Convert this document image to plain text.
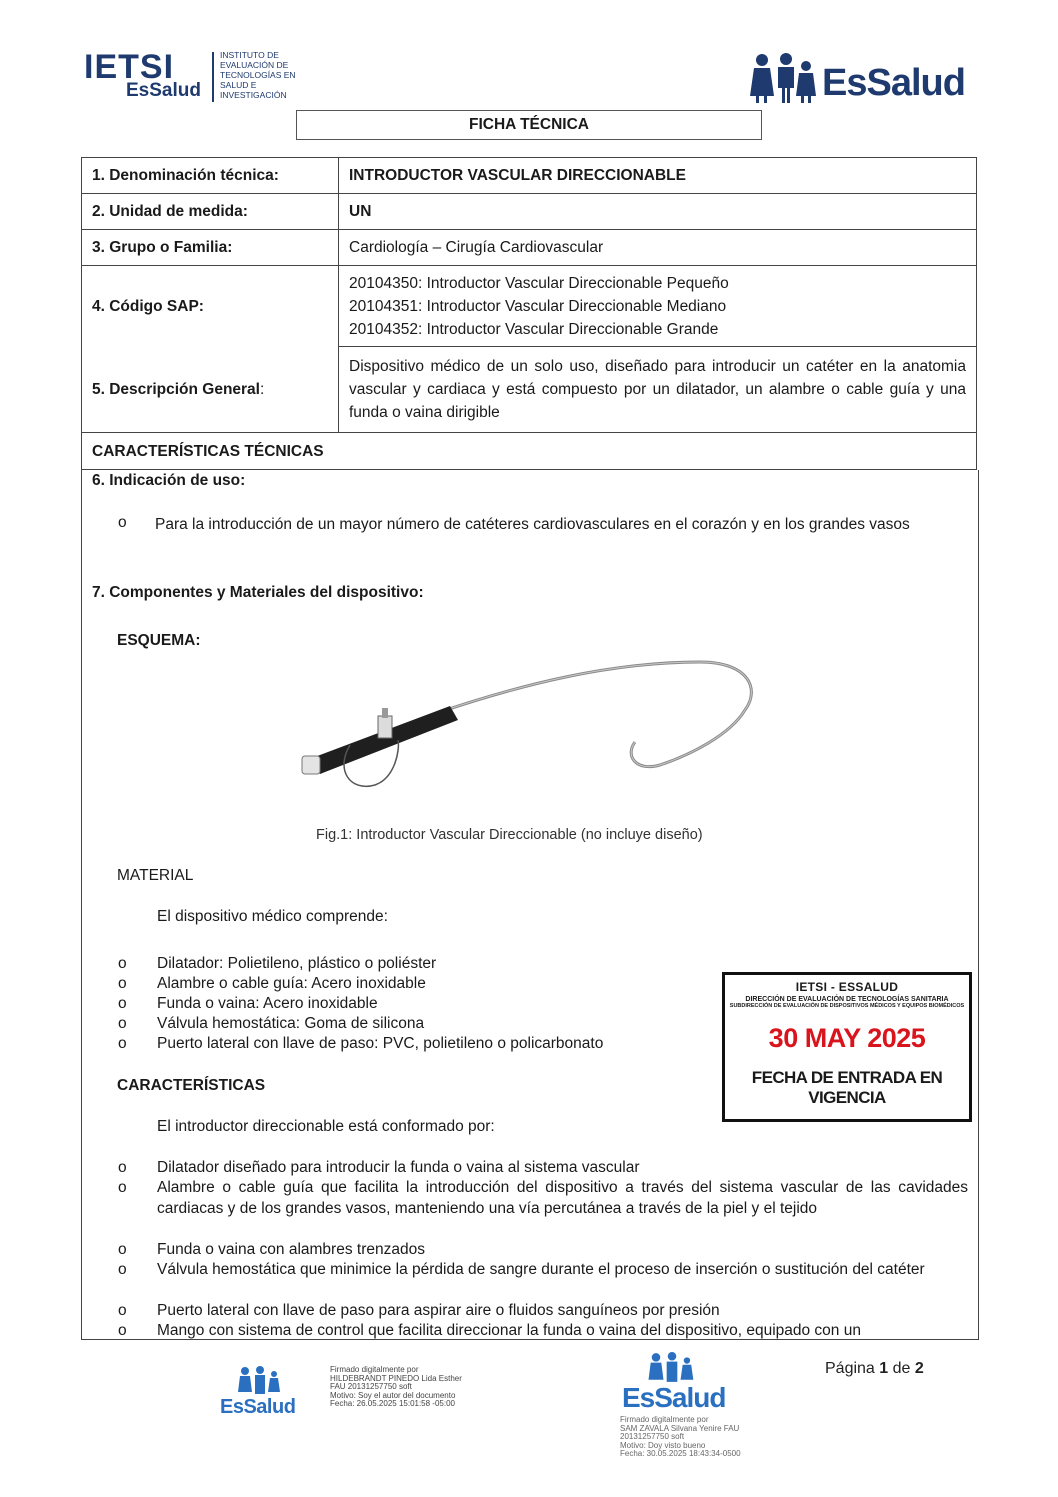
IETSI
EsSalud
INSTITUTO DE EVALUACIÓN DE TECNOLOGÍAS EN SALUD E INVESTIGACIÓN	EsSalud
FICHA TÉCNICA
1. Denominación técnica:	INTRODUCTOR VASCULAR DIRECCIONABLE
2. Unidad de medida:	UN
3. Grupo o Familia:	Cardiología – Cirugía Cardiovascular
4. Código SAP:	20104350: Introductor Vascular Direccionable Pequeño
20104351: Introductor Vascular Direccionable Mediano
20104352: Introductor Vascular Direccionable Grande

5. Descripción General:	Dispositivo médico de un solo uso, diseñado para introducir un catéter en la anatomia vascular y cardiaca y está compuesto por un dilatador, un alambre o cable guía y una funda o vaina dirigible
CARACTERÍSTICAS TÉCNICAS	
6. Indicación de uso:
o Para la introducción de un mayor número de catéteres cardiovasculares en el corazón y en los grandes vasos
7. Componentes y Materiales del dispositivo:
ESQUEMA:
Fig.1: Introductor Vascular Direccionable (no incluye diseño)
MATERIAL
El dispositivo médico comprende:
o Dilatador: Polietileno, plástico o poliéster
o Alambre o cable guía: Acero inoxidable
o Funda o vaina: Acero inoxidable
o Válvula hemostática: Goma de silicona
o Puerto lateral con llave de paso: PVC, polietileno o policarbonato
CARACTERÍSTICAS
El introductor direccionable está conformado por:
o Dilatador diseñado para introducir la funda o vaina al sistema vascular
o Alambre o cable guía que facilita la introducción del dispositivo a través del sistema vascular de las cavidades cardiacas y de los grandes vasos, manteniendo una vía percutánea a través de la piel y el tejido
o Funda o vaina con alambres trenzados
o Válvula hemostática que minimice la pérdida de sangre durante el proceso de inserción o sustitución del catéter
o Puerto lateral con llave de paso para aspirar aire o fluidos sanguíneos por presión
o Mango con sistema de control que facilita direccionar la funda o vaina del dispositivo, equipado con un
IETSI - ESSALUD
DIRECCIÓN DE EVALUACIÓN DE TECNOLOGÍAS SANITARIA
SUBDIRECCIÓN DE EVALUACIÓN DE DISPOSITIVOS MÉDICOS Y EQUIPOS BIOMÉDICOS
30 MAY 2025
FECHA DE ENTRADA EN VIGENCIA
EsSalud
Firmado digitalmente por
HILDEBRANDT PINEDO Lida Esther
FAU 20131257750 soft
Motivo: Soy el autor del documento
Fecha: 26.05.2025 15:01:58 -05:00	EsSalud
Firmado digitalmente por
SAM ZAVALA Silvana Yenire FAU
20131257750 soft
Motivo: Doy visto bueno
Fecha: 30.05.2025 18:43:34-0500
Página 1 de 2
